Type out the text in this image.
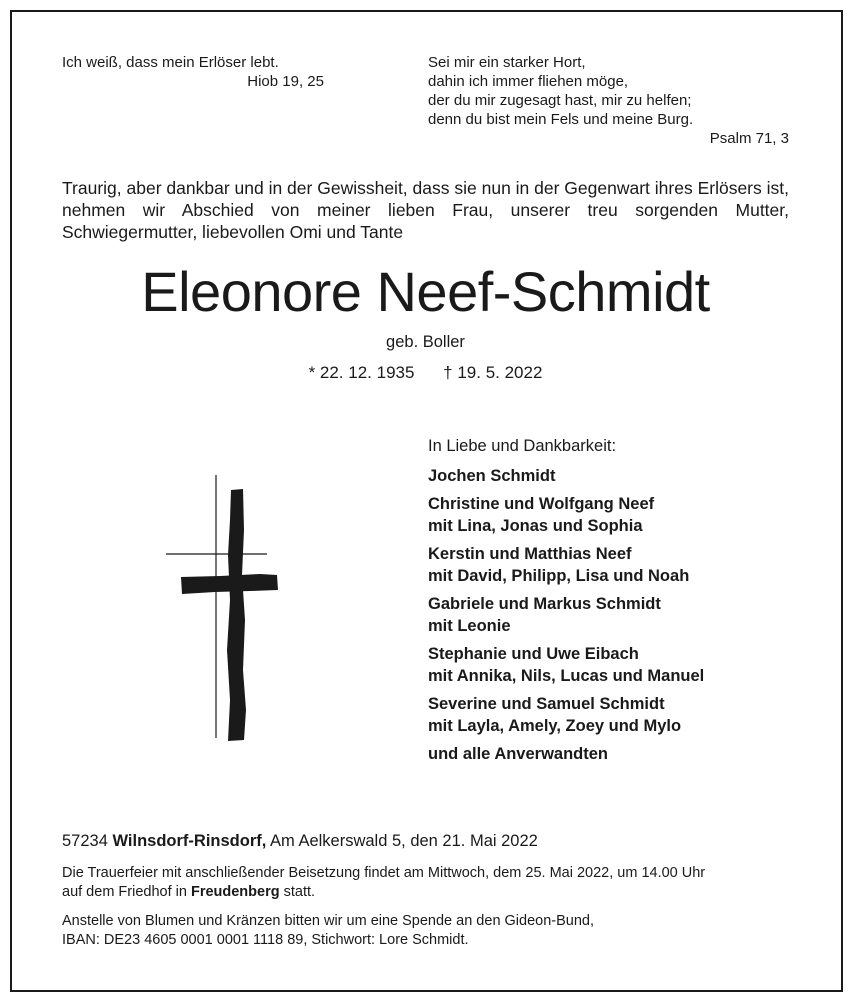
Ich weiß, dass mein Erlöser lebt.
Hiob 19, 25
Sei mir ein starker Hort,
dahin ich immer fliehen möge,
der du mir zugesagt hast, mir zu helfen;
denn du bist mein Fels und meine Burg.
Psalm 71, 3
Traurig, aber dankbar und in der Gewissheit, dass sie nun in der Gegenwart ihres Erlösers ist, nehmen wir Abschied von meiner lieben Frau, unserer treu sorgenden Mutter, Schwiegermutter, liebevollen Omi und Tante
Eleonore Neef-Schmidt
geb. Boller
* 22. 12. 1935 † 19. 5. 2022
In Liebe und Dankbarkeit:
Jochen Schmidt
Christine und Wolfgang Neef
mit Lina, Jonas und Sophia
Kerstin und Matthias Neef
mit David, Philipp, Lisa und Noah
Gabriele und Markus Schmidt
mit Leonie
Stephanie und Uwe Eibach
mit Annika, Nils, Lucas und Manuel
Severine und Samuel Schmidt
mit Layla, Amely, Zoey und Mylo
und alle Anverwandten
57234 Wilnsdorf-Rinsdorf, Am Aelkerswald 5, den 21. Mai 2022
Die Trauerfeier mit anschließender Beisetzung findet am Mittwoch, dem 25. Mai 2022, um 14.00 Uhr
auf dem Friedhof in Freudenberg statt.
Anstelle von Blumen und Kränzen bitten wir um eine Spende an den Gideon-Bund,
IBAN: DE23 4605 0001 0001 1118 89, Stichwort: Lore Schmidt.
